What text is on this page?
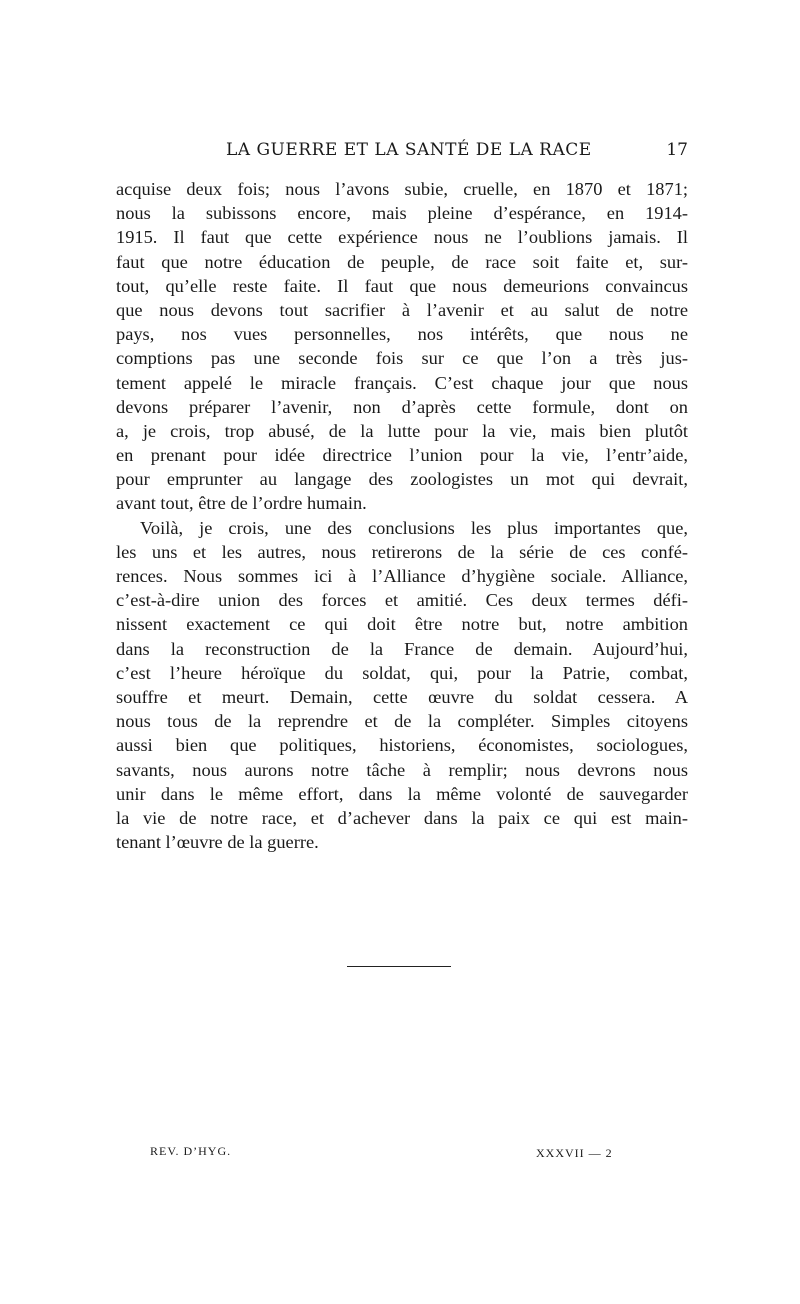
LA GUERRE ET LA SANTÉ DE LA RACE	17
acquise deux fois; nous l’avons subie, cruelle, en 1870 et 1871;
nous la subissons encore, mais pleine d’espérance, en 1914-
1915. Il faut que cette expérience nous ne l’oublions jamais. Il
faut que notre éducation de peuple, de race soit faite et, sur-
tout, qu’elle reste faite. Il faut que nous demeurions convaincus
que nous devons tout sacrifier à l’avenir et au salut de notre
pays, nos vues personnelles, nos intérêts, que nous ne
comptions pas une seconde fois sur ce que l’on a très jus-
tement appelé le miracle français. C’est chaque jour que nous
devons préparer l’avenir, non d’après cette formule, dont on
a, je crois, trop abusé, de la lutte pour la vie, mais bien plutôt
en prenant pour idée directrice l’union pour la vie, l’entr’aide,
pour emprunter au langage des zoologistes un mot qui devrait,
avant tout, être de l’ordre humain.
Voilà, je crois, une des conclusions les plus importantes que,
les uns et les autres, nous retirerons de la série de ces confé-
rences. Nous sommes ici à l’Alliance d’hygiène sociale. Alliance,
c’est-à-dire union des forces et amitié. Ces deux termes défi-
nissent exactement ce qui doit être notre but, notre ambition
dans la reconstruction de la France de demain. Aujourd’hui,
c’est l’heure héroïque du soldat, qui, pour la Patrie, combat,
souffre et meurt. Demain, cette œuvre du soldat cessera. A
nous tous de la reprendre et de la compléter. Simples citoyens
aussi bien que politiques, historiens, économistes, sociologues,
savants, nous aurons notre tâche à remplir; nous devrons nous
unir dans le même effort, dans la même volonté de sauvegarder
la vie de notre race, et d’achever dans la paix ce qui est main-
tenant l’œuvre de la guerre.
REV. D’HYG.	XXXVII — 2
